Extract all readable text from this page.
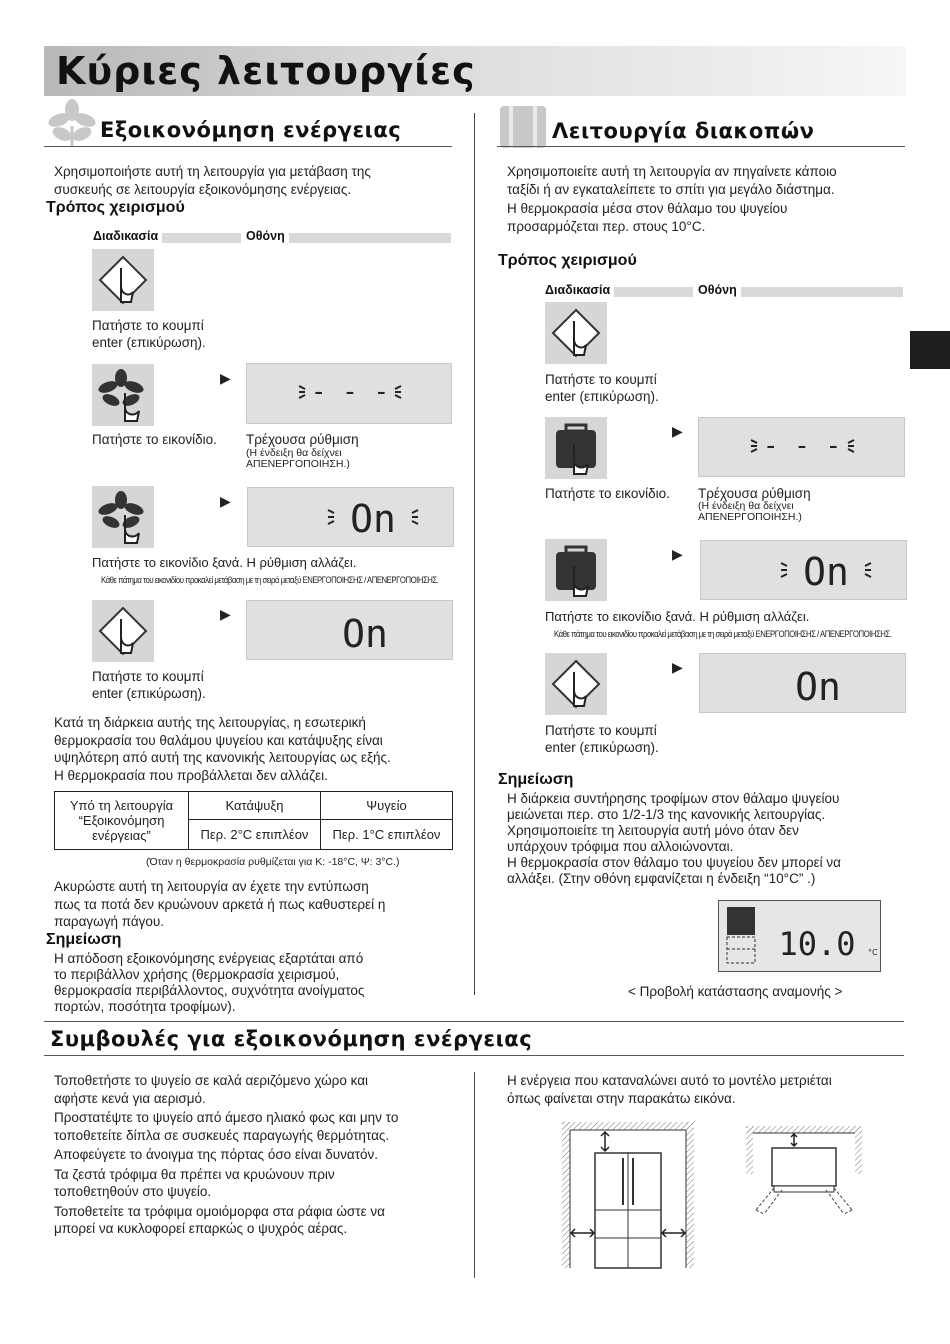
Κύριες λειτουργίες
Εξοικονόμηση ενέργειας
Χρησιμοποιήστε αυτή τη λειτουργία για μετάβαση της
συσκευής σε λειτουργία εξοικονόμησης ενέργειας.
Τρόπος χειρισμού
Διαδικασία	Οθόνη
Πατήστε το κουμπί
enter (επικύρωση).
▶	- - -
Πατήστε το εικονίδιο. Τρέχουσα ρύθμιση
(Η ένδειξη θα δείχνει
ΑΠΕΝΕΡΓΟΠΟΙΗΣΗ.)
▶	On
Πατήστε το εικονίδιο ξανά. Η ρύθμιση αλλάζει.
Κάθε πάτημα του εικονιδίου προκαλεί μετάβαση με τη σειρά μεταξύ ΕΝΕΡΓΟΠΟΙΗΣΗΣ / ΑΠΕΝΕΡΓΟΠΟΙΗΣΗΣ.
▶	On
Πατήστε το κουμπί
enter (επικύρωση).
Κατά τη διάρκεια αυτής της λειτουργίας, η εσωτερική
θερμοκρασία του θαλάμου ψυγείου και κατάψυξης είναι
υψηλότερη από αυτή της κανονικής λειτουργίας ως εξής.
Η θερμοκρασία που προβάλλεται δεν αλλάζει.
Υπό τη λειτουργία
“Εξοικονόμηση
ενέργειας”	Κατάψυξη	Ψυγείο
	Περ. 2°C επιπλέον	Περ. 1°C επιπλέον
(Όταν η θερμοκρασία ρυθμίζεται για Κ: -18°C, Ψ: 3°C.)
Ακυρώστε αυτή τη λειτουργία αν έχετε την εντύπωση
πως τα ποτά δεν κρυώνουν αρκετά ή πως καθυστερεί η
παραγωγή πάγου.
Σημείωση
Η απόδοση εξοικονόμησης ενέργειας εξαρτάται από
το περιβάλλον χρήσης (θερμοκρασία χειρισμού,
θερμοκρασία περιβάλλοντος, συχνότητα ανοίγματος
πορτών, ποσότητα τροφίμων).
Λειτουργία διακοπών
Χρησιμοποιείτε αυτή τη λειτουργία αν πηγαίνετε κάποιο
ταξίδι ή αν εγκαταλείπετε το σπίτι για μεγάλο διάστημα.
Η θερμοκρασία μέσα στον θάλαμο του ψυγείου
προσαρμόζεται περ. στους 10°C.
Τρόπος χειρισμού
Διαδικασία	Οθόνη
Πατήστε το κουμπί
enter (επικύρωση).
▶	- - -
Πατήστε το εικονίδιο. Τρέχουσα ρύθμιση
(Η ένδειξη θα δείχνει
ΑΠΕΝΕΡΓΟΠΟΙΗΣΗ.)
▶	On
Πατήστε το εικονίδιο ξανά. Η ρύθμιση αλλάζει.
Κάθε πάτημα του εικονιδίου προκαλεί μετάβαση με τη σειρά μεταξύ ΕΝΕΡΓΟΠΟΙΗΣΗΣ / ΑΠΕΝΕΡΓΟΠΟΙΗΣΗΣ.
▶	On
Πατήστε το κουμπί
enter (επικύρωση).
Σημείωση
Η διάρκεια συντήρησης τροφίμων στον θάλαμο ψυγείου
μειώνεται περ. στο 1/2-1/3 της κανονικής λειτουργίας.
Χρησιμοποιείτε τη λειτουργία αυτή μόνο όταν δεν
υπάρχουν τρόφιμα που αλλοιώνονται.
Η θερμοκρασία στον θάλαμο του ψυγείου δεν μπορεί να
αλλάξει. (Στην οθόνη εμφανίζεται η ένδειξη “10°C” .)
10.0 °C
< Προβολή κατάστασης αναμονής >
Συμβουλές για εξοικονόμηση ενέργειας
Τοποθετήστε το ψυγείο σε καλά αεριζόμενο χώρο και
αφήστε κενά για αερισμό.
Προστατέψτε το ψυγείο από άμεσο ηλιακό φως και μην το
τοποθετείτε δίπλα σε συσκευές παραγωγής θερμότητας.
Αποφεύγετε το άνοιγμα της πόρτας όσο είναι δυνατόν.
Τα ζεστά τρόφιμα θα πρέπει να κρυώνουν πριν
τοποθετηθούν στο ψυγείο.
Τοποθετείτε τα τρόφιμα ομοιόμορφα στα ράφια ώστε να
μπορεί να κυκλοφορεί επαρκώς ο ψυχρός αέρας.
Η ενέργεια που καταναλώνει αυτό το μοντέλο μετριέται
όπως φαίνεται στην παρακάτω εικόνα.
